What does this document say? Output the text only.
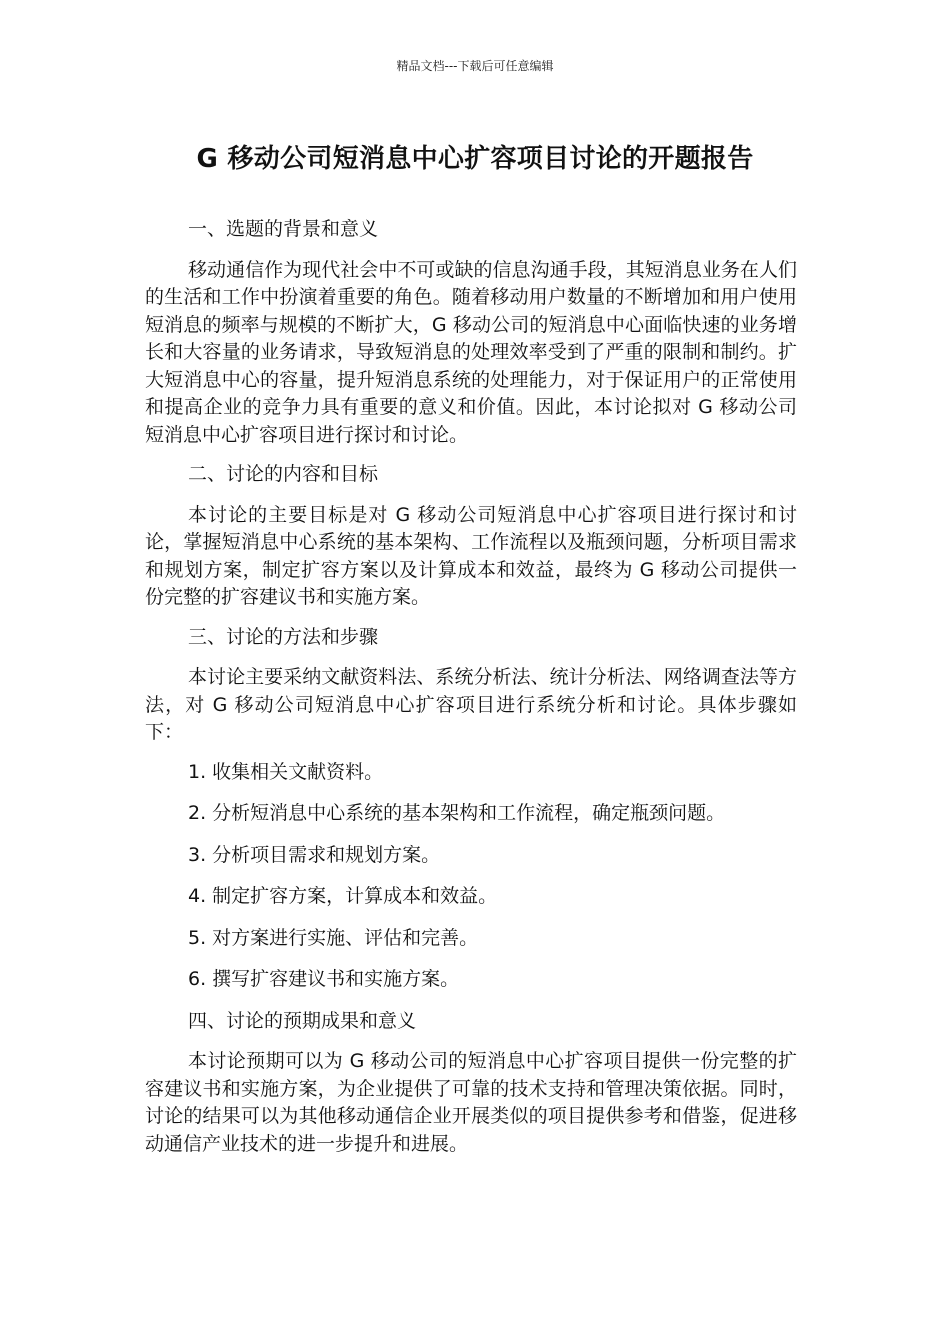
精品文档---下载后可任意编辑
G 移动公司短消息中心扩容项目讨论的开题报告

一、选题的背景和意义

移动通信作为现代社会中不可或缺的信息沟通手段，其短消息业务在人们的生活和工作中扮演着重要的角色。随着移动用户数量的不断增加和用户使用短消息的频率与规模的不断扩大，G 移动公司的短消息中心面临快速的业务增长和大容量的业务请求，导致短消息的处理效率受到了严重的限制和制约。扩大短消息中心的容量，提升短消息系统的处理能力，对于保证用户的正常使用和提高企业的竞争力具有重要的意义和价值。因此，本讨论拟对 G 移动公司短消息中心扩容项目进行探讨和讨论。

二、讨论的内容和目标

本讨论的主要目标是对 G 移动公司短消息中心扩容项目进行探讨和讨论，掌握短消息中心系统的基本架构、工作流程以及瓶颈问题，分析项目需求和规划方案，制定扩容方案以及计算成本和效益，最终为 G 移动公司提供一份完整的扩容建议书和实施方案。

三、讨论的方法和步骤

本讨论主要采纳文献资料法、系统分析法、统计分析法、网络调查法等方法，对 G 移动公司短消息中心扩容项目进行系统分析和讨论。具体步骤如下：

1. 收集相关文献资料。

2. 分析短消息中心系统的基本架构和工作流程，确定瓶颈问题。

3. 分析项目需求和规划方案。

4. 制定扩容方案，计算成本和效益。

5. 对方案进行实施、评估和完善。

6. 撰写扩容建议书和实施方案。

四、讨论的预期成果和意义

本讨论预期可以为 G 移动公司的短消息中心扩容项目提供一份完整的扩容建议书和实施方案，为企业提供了可靠的技术支持和管理决策依据。同时，讨论的结果可以为其他移动通信企业开展类似的项目提供参考和借鉴，促进移动通信产业技术的进一步提升和进展。
